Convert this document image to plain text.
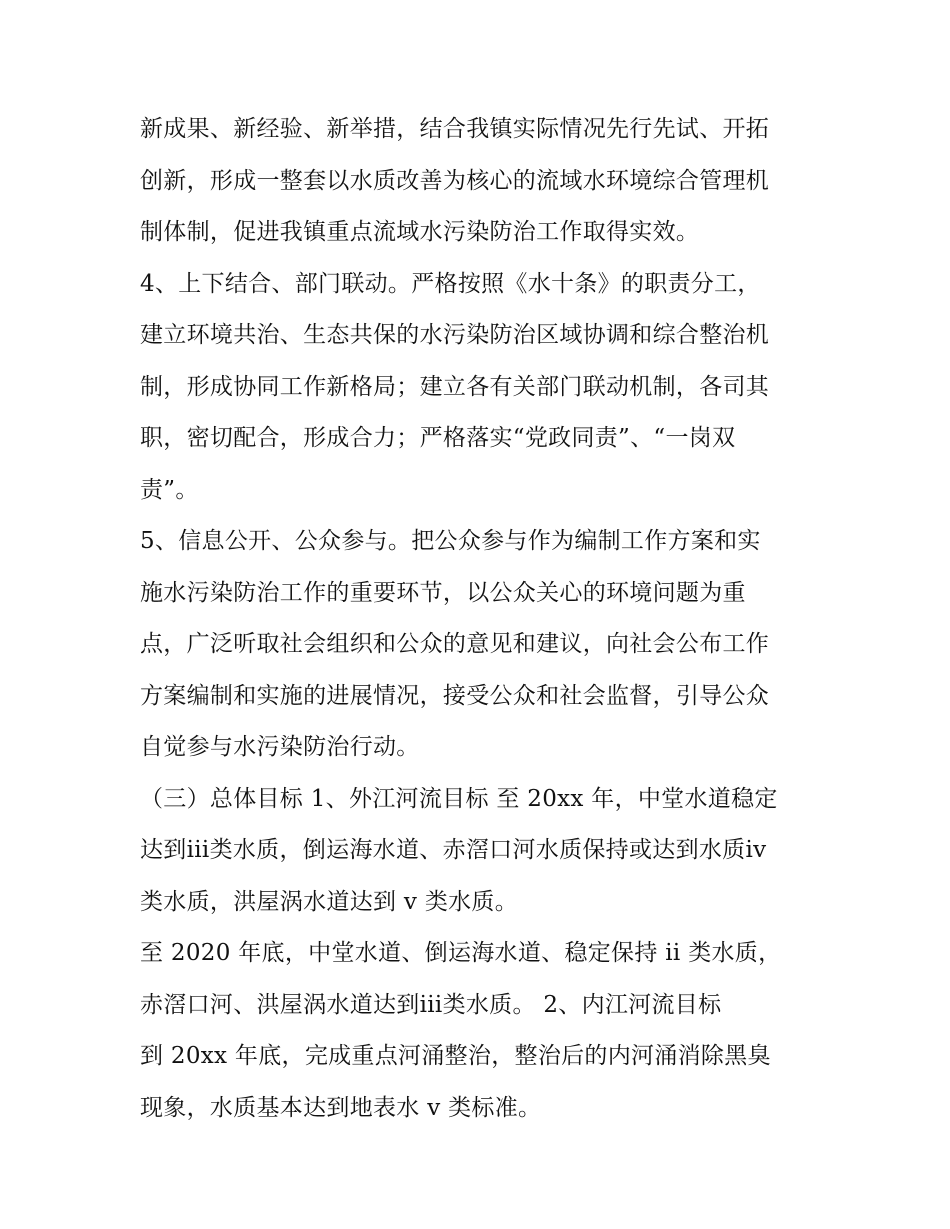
新成果、新经验、新举措，结合我镇实际情况先行先试、开拓
创新，形成一整套以水质改善为核心的流域水环境综合管理机
制体制，促进我镇重点流域水污染防治工作取得实效。
4、上下结合、部门联动。严格按照《水十条》的职责分工，
建立环境共治、生态共保的水污染防治区域协调和综合整治机
制，形成协同工作新格局；建立各有关部门联动机制，各司其
职，密切配合，形成合力；严格落实“党政同责”、“一岗双
责”。
5、信息公开、公众参与。把公众参与作为编制工作方案和实
施水污染防治工作的重要环节，以公众关心的环境问题为重
点，广泛听取社会组织和公众的意见和建议，向社会公布工作
方案编制和实施的进展情况，接受公众和社会监督，引导公众
自觉参与水污染防治行动。
（三）总体目标 1、外江河流目标 至 20xx 年，中堂水道稳定
达到iii类水质，倒运海水道、赤滘口河水质保持或达到水质iv
类水质，洪屋涡水道达到 v 类水质。
至 2020 年底，中堂水道、倒运海水道、稳定保持 ii 类水质，
赤滘口河、洪屋涡水道达到iii类水质。 2、内江河流目标
到 20xx 年底，完成重点河涌整治，整治后的内河涌消除黑臭
现象，水质基本达到地表水 v 类标准。
